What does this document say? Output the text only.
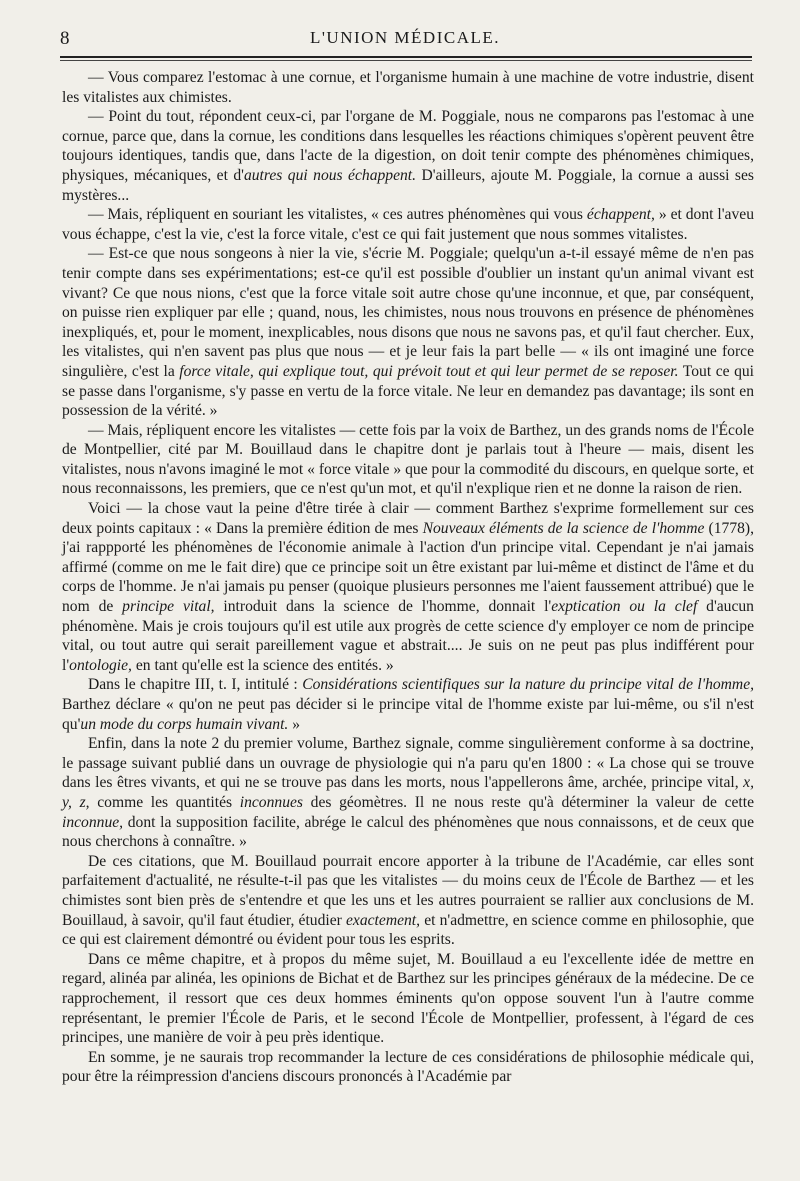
8	L'UNION MÉDICALE.

— Vous comparez l'estomac à une cornue, et l'organisme humain à une machine de votre industrie, disent les vitalistes aux chimistes.

— Point du tout, répondent ceux-ci, par l'organe de M. Poggiale, nous ne comparons pas l'estomac à une cornue, parce que, dans la cornue, les conditions dans lesquelles les réactions chimiques s'opèrent peuvent être toujours identiques, tandis que, dans l'acte de la digestion, on doit tenir compte des phénomènes chimiques, physiques, mécaniques, et d'autres qui nous échappent. D'ailleurs, ajoute M. Poggiale, la cornue a aussi ses mystères...

— Mais, répliquent en souriant les vitalistes, « ces autres phénomènes qui vous échappent, » et dont l'aveu vous échappe, c'est la vie, c'est la force vitale, c'est ce qui fait justement que nous sommes vitalistes.

— Est-ce que nous songeons à nier la vie, s'écrie M. Poggiale; quelqu'un a-t-il essayé même de n'en pas tenir compte dans ses expérimentations; est-ce qu'il est possible d'oublier un instant qu'un animal vivant est vivant? Ce que nous nions, c'est que la force vitale soit autre chose qu'une inconnue, et que, par conséquent, on puisse rien expliquer par elle ; quand, nous, les chimistes, nous nous trouvons en présence de phénomènes inexpliqués, et, pour le moment, inexplicables, nous disons que nous ne savons pas, et qu'il faut chercher. Eux, les vitalistes, qui n'en savent pas plus que nous — et je leur fais la part belle — « ils ont imaginé une force singulière, c'est la force vitale, qui explique tout, qui prévoit tout et qui leur permet de se reposer. Tout ce qui se passe dans l'organisme, s'y passe en vertu de la force vitale. Ne leur en demandez pas davantage; ils sont en possession de la vérité. »

— Mais, répliquent encore les vitalistes — cette fois par la voix de Barthez, un des grands noms de l'École de Montpellier, cité par M. Bouillaud dans le chapitre dont je parlais tout à l'heure — mais, disent les vitalistes, nous n'avons imaginé le mot « force vitale » que pour la commodité du discours, en quelque sorte, et nous reconnaissons, les premiers, que ce n'est qu'un mot, et qu'il n'explique rien et ne donne la raison de rien.

Voici — la chose vaut la peine d'être tirée à clair — comment Barthez s'exprime formellement sur ces deux points capitaux : « Dans la première édition de mes Nouveaux éléments de la science de l'homme (1778), j'ai rappporté les phénomènes de l'économie animale à l'action d'un principe vital. Cependant je n'ai jamais affirmé (comme on me le fait dire) que ce principe soit un être existant par lui-même et distinct de l'âme et du corps de l'homme. Je n'ai jamais pu penser (quoique plusieurs personnes me l'aient faussement attribué) que le nom de principe vital, introduit dans la science de l'homme, donnait l'exptication ou la clef d'aucun phénomène. Mais je crois toujours qu'il est utile aux progrès de cette science d'y employer ce nom de principe vital, ou tout autre qui serait pareillement vague et abstrait.... Je suis on ne peut pas plus indifférent pour l'ontologie, en tant qu'elle est la science des entités. »

Dans le chapitre III, t. I, intitulé : Considérations scientifiques sur la nature du principe vital de l'homme, Barthez déclare « qu'on ne peut pas décider si le principe vital de l'homme existe par lui-même, ou s'il n'est qu'un mode du corps humain vivant. »

Enfin, dans la note 2 du premier volume, Barthez signale, comme singulièrement conforme à sa doctrine, le passage suivant publié dans un ouvrage de physiologie qui n'a paru qu'en 1800 : « La chose qui se trouve dans les êtres vivants, et qui ne se trouve pas dans les morts, nous l'appellerons âme, archée, principe vital, x, y, z, comme les quantités inconnues des géomètres. Il ne nous reste qu'à déterminer la valeur de cette inconnue, dont la supposition facilite, abrége le calcul des phénomènes que nous connaissons, et de ceux que nous cherchons à connaître. »

De ces citations, que M. Bouillaud pourrait encore apporter à la tribune de l'Académie, car elles sont parfaitement d'actualité, ne résulte-t-il pas que les vitalistes — du moins ceux de l'École de Barthez — et les chimistes sont bien près de s'entendre et que les uns et les autres pourraient se rallier aux conclusions de M. Bouillaud, à savoir, qu'il faut étudier, étudier exactement, et n'admettre, en science comme en philosophie, que ce qui est clairement démontré ou évident pour tous les esprits.

Dans ce même chapitre, et à propos du même sujet, M. Bouillaud a eu l'excellente idée de mettre en regard, alinéa par alinéa, les opinions de Bichat et de Barthez sur les principes généraux de la médecine. De ce rapprochement, il ressort que ces deux hommes éminents qu'on oppose souvent l'un à l'autre comme représentant, le premier l'École de Paris, et le second l'École de Montpellier, professent, à l'égard de ces principes, une manière de voir à peu près identique.

En somme, je ne saurais trop recommander la lecture de ces considérations de philosophie médicale qui, pour être la réimpression d'anciens discours prononcés à l'Académie par
